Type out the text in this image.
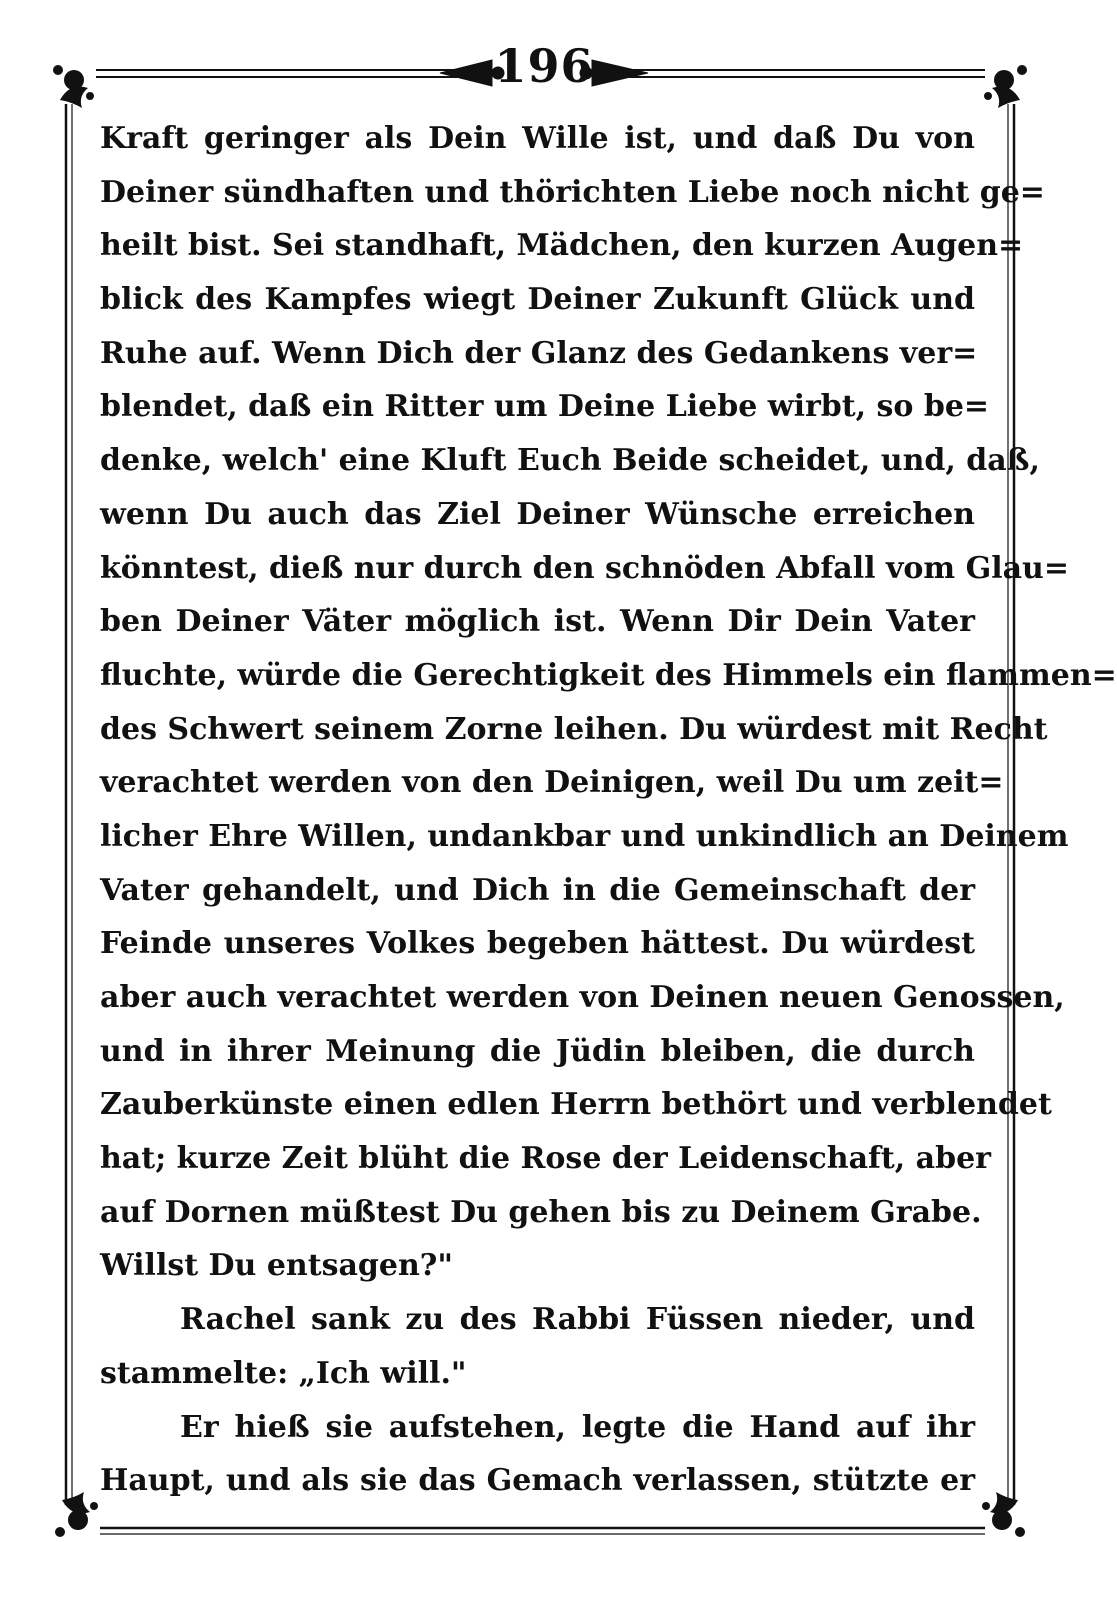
196
Kraft geringer als Dein Wille ist, und daß Du von
Deiner sündhaften und thörichten Liebe noch nicht ge=
heilt bist. Sei standhaft, Mädchen, den kurzen Augen=
blick des Kampfes wiegt Deiner Zukunft Glück und
Ruhe auf. Wenn Dich der Glanz des Gedankens ver=
blendet, daß ein Ritter um Deine Liebe wirbt, so be=
denke, welch' eine Kluft Euch Beide scheidet, und, daß,
wenn Du auch das Ziel Deiner Wünsche erreichen
könntest, dieß nur durch den schnöden Abfall vom Glau=
ben Deiner Väter möglich ist. Wenn Dir Dein Vater
fluchte, würde die Gerechtigkeit des Himmels ein flammen=
des Schwert seinem Zorne leihen. Du würdest mit Recht
verachtet werden von den Deinigen, weil Du um zeit=
licher Ehre Willen, undankbar und unkindlich an Deinem
Vater gehandelt, und Dich in die Gemeinschaft der
Feinde unseres Volkes begeben hättest. Du würdest
aber auch verachtet werden von Deinen neuen Genossen,
und in ihrer Meinung die Jüdin bleiben, die durch
Zauberkünste einen edlen Herrn bethört und verblendet
hat; kurze Zeit blüht die Rose der Leidenschaft, aber
auf Dornen müßtest Du gehen bis zu Deinem Grabe.
Willst Du entsagen?"
Rachel sank zu des Rabbi Füssen nieder, und
stammelte: „Ich will."
Er hieß sie aufstehen, legte die Hand auf ihr
Haupt, und als sie das Gemach verlassen, stützte er
